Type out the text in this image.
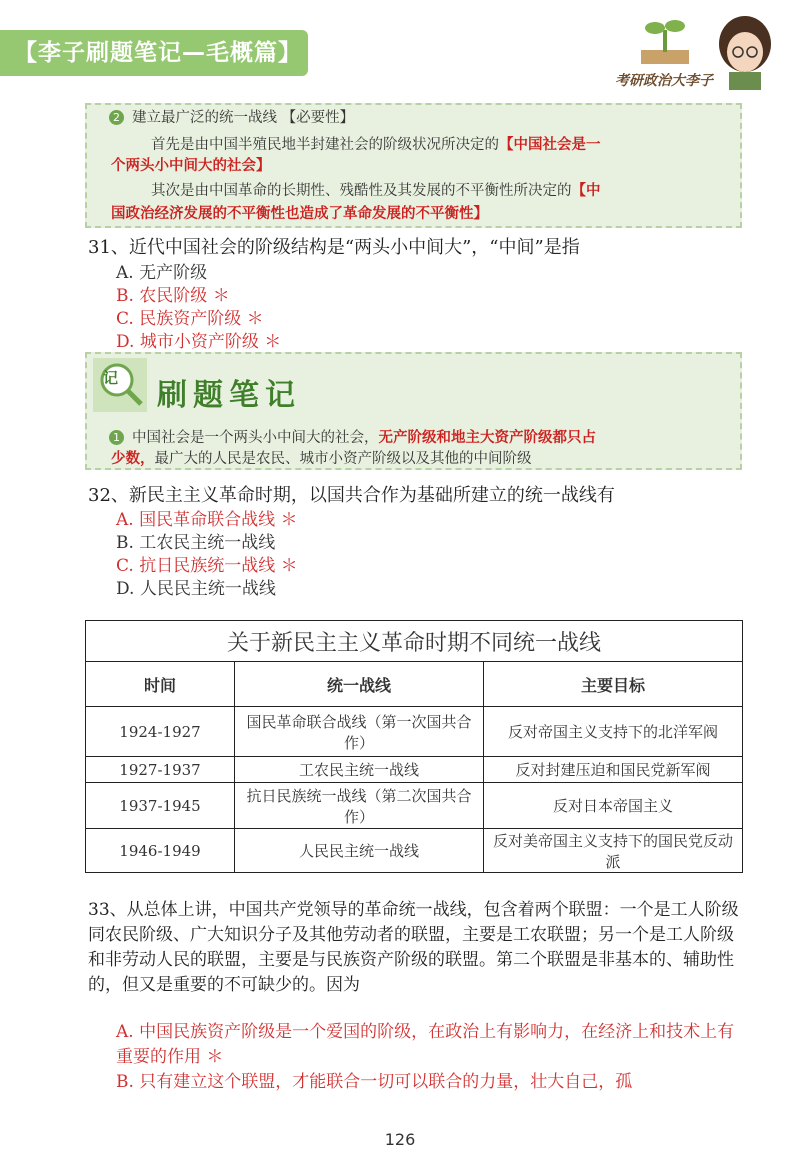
【李子刷题笔记—毛概篇】
考研政治大李子
2 建立最广泛的统一战线 【必要性】
首先是由中国半殖民地半封建社会的阶级状况所决定的【中国社会是一
个两头小中间大的社会】
其次是由中国革命的长期性、残酷性及其发展的不平衡性所决定的【中
国政治经济发展的不平衡性也造成了革命发展的不平衡性】
31、近代中国社会的阶级结构是“两头小中间大”，“中间”是指
A. 无产阶级
B. 农民阶级 ＊
C. 民族资产阶级 ＊
D. 城市小资产阶级 ＊
记 刷题笔记
1 中国社会是一个两头小中间大的社会，无产阶级和地主大资产阶级都只占
少数，最广大的人民是农民、城市小资产阶级以及其他的中间阶级
32、新民主主义革命时期，以国共合作为基础所建立的统一战线有
A. 国民革命联合战线 ＊
B. 工农民主统一战线
C. 抗日民族统一战线 ＊
D. 人民民主统一战线
关于新民主主义革命时期不同统一战线		
时间	统一战线	主要目标
1924-1927	国民革命联合战线（第一次国共合作）	反对帝国主义支持下的北洋军阀
1927-1937	工农民主统一战线	反对封建压迫和国民党新军阀
1937-1945	抗日民族统一战线（第二次国共合作）	反对日本帝国主义
1946-1949	人民民主统一战线	反对美帝国主义支持下的国民党反动派
33、从总体上讲，中国共产党领导的革命统一战线，包含着两个联盟：一个是工人阶级同农民阶级、广大知识分子及其他劳动者的联盟，主要是工农联盟；另一个是工人阶级和非劳动人民的联盟，主要是与民族资产阶级的联盟。第二个联盟是非基本的、辅助性的，但又是重要的不可缺少的。因为
A. 中国民族资产阶级是一个爱国的阶级，在政治上有影响力，在经济上和技术上有重要的作用 ＊
B. 只有建立这个联盟，才能联合一切可以联合的力量，壮大自己，孤
126
